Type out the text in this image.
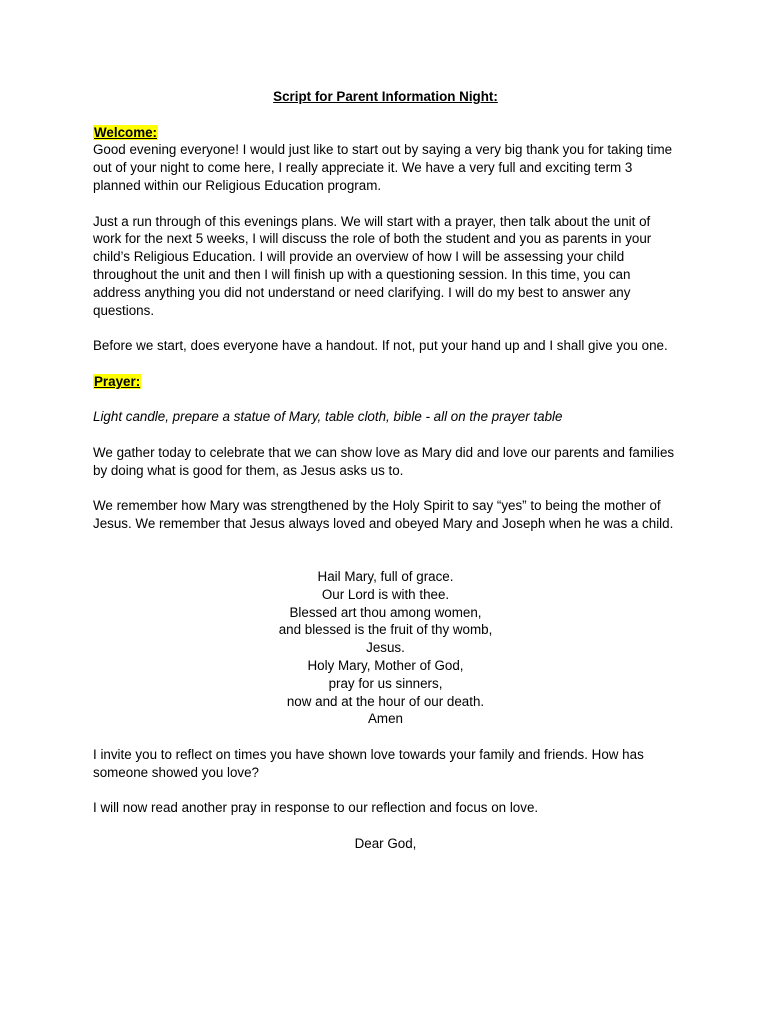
Script for Parent Information Night:
Welcome:

Good evening everyone! I would just like to start out by saying a very big thank you for taking time out of your night to come here, I really appreciate it. We have a very full and exciting term 3 planned within our Religious Education program.

Just a run through of this evenings plans. We will start with a prayer, then talk about the unit of work for the next 5 weeks, I will discuss the role of both the student and you as parents in your child’s Religious Education. I will provide an overview of how I will be assessing your child throughout the unit and then I will finish up with a questioning session. In this time, you can address anything you did not understand or need clarifying. I will do my best to answer any questions.

Before we start, does everyone have a handout. If not, put your hand up and I shall give you one.

Prayer:

Light candle, prepare a statue of Mary, table cloth, bible - all on the prayer table

We gather today to celebrate that we can show love as Mary did and love our parents and families by doing what is good for them, as Jesus asks us to.

We remember how Mary was strengthened by the Holy Spirit to say “yes” to being the mother of Jesus. We remember that Jesus always loved and obeyed Mary and Joseph when he was a child.

Hail Mary, full of grace.
Our Lord is with thee.
Blessed art thou among women,
and blessed is the fruit of thy womb,
Jesus.
Holy Mary, Mother of God,
pray for us sinners,
now and at the hour of our death.
Amen

I invite you to reflect on times you have shown love towards your family and friends. How has someone showed you love?

I will now read another pray in response to our reflection and focus on love.

Dear God,
